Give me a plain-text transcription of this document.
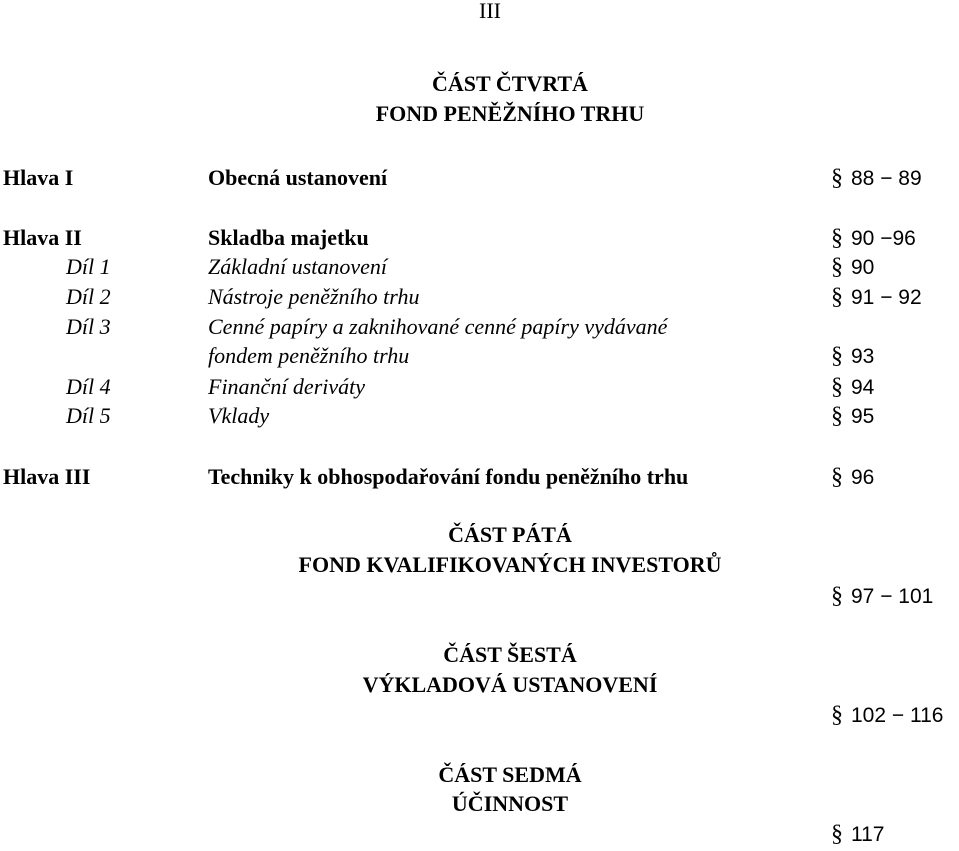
III
ČÁST ČTVRTÁ
FOND PENĚŽNÍHO TRHU
Hlava I	Obecná ustanovení	§ 88 − 89
Hlava II	Skladba majetku	§ 90 −96
Díl 1	Základní ustanovení	§ 90
Díl 2	Nástroje peněžního trhu	§ 91 − 92
Díl 3	Cenné papíry a zaknihované cenné papíry vydávané
fondem peněžního trhu	§ 93
Díl 4	Finanční deriváty	§ 94
Díl 5	Vklady	§ 95
Hlava III	Techniky k obhospodařování fondu peněžního trhu	§ 96
ČÁST PÁTÁ
FOND KVALIFIKOVANÝCH INVESTORŮ
§ 97 − 101
ČÁST ŠESTÁ
VÝKLADOVÁ USTANOVENÍ
§ 102 − 116
ČÁST SEDMÁ
ÚČINNOST
§ 117
